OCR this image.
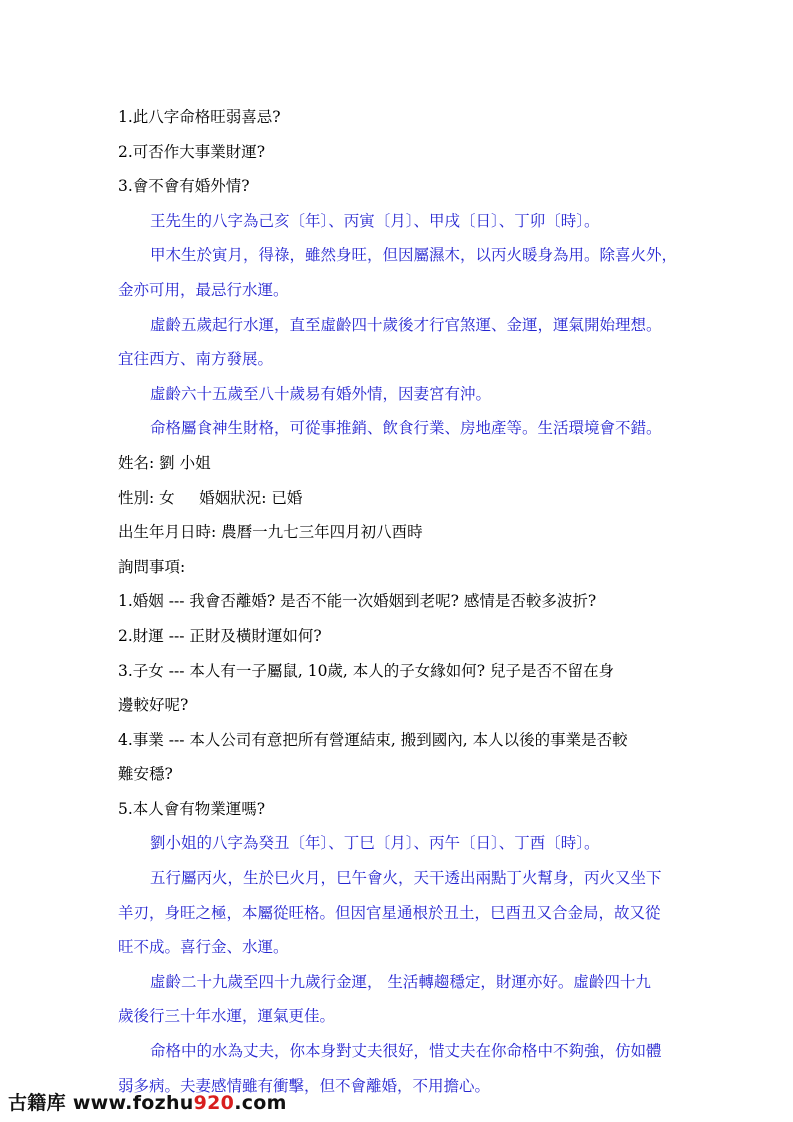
1.此八字命格旺弱喜忌?
2.可否作大事業財運?
3.會不會有婚外情?
王先生的八字為己亥〔年〕、丙寅〔月〕、甲戌〔日〕、丁卯〔時〕。
甲木生於寅月，得祿，雖然身旺，但因屬濕木，以丙火暖身為用。除喜火外，
金亦可用，最忌行水運。
虛齡五歲起行水運，直至虛齡四十歲後才行官煞運、金運，運氣開始理想。
宜往西方、南方發展。
虛齡六十五歲至八十歲易有婚外情，因妻宮有沖。
命格屬食神生財格，可從事推銷、飲食行業、房地產等。生活環境會不錯。
姓名: 劉 小姐
性別: 女     婚姻狀況: 已婚
出生年月日時: 農曆一九七三年四月初八酉時
詢問事項:
1.婚姻 --- 我會否離婚? 是否不能一次婚姻到老呢? 感情是否較多波折?
2.財運 --- 正財及橫財運如何?
3.子女 --- 本人有一子屬鼠, 10歲, 本人的子女緣如何? 兒子是否不留在身
邊較好呢?
4.事業 --- 本人公司有意把所有營運結束, 搬到國內, 本人以後的事業是否較
難安穩?
5.本人會有物業運嗎?
劉小姐的八字為癸丑〔年〕、丁巳〔月〕、丙午〔日〕、丁酉〔時〕。
五行屬丙火，生於巳火月，巳午會火，天干透出兩點丁火幫身，丙火又坐下
羊刃，身旺之極，本屬從旺格。但因官星通根於丑土，巳酉丑又合金局，故又從
旺不成。喜行金、水運。
虛齡二十九歲至四十九歲行金運， 生活轉趨穩定，財運亦好。虛齡四十九
歲後行三十年水運，運氣更佳。
命格中的水為丈夫，你本身對丈夫很好，惜丈夫在你命格中不夠強，仿如體
弱多病。夫妻感情雖有衝擊，但不會離婚，不用擔心。
古籍库 www.fozhu920.com
